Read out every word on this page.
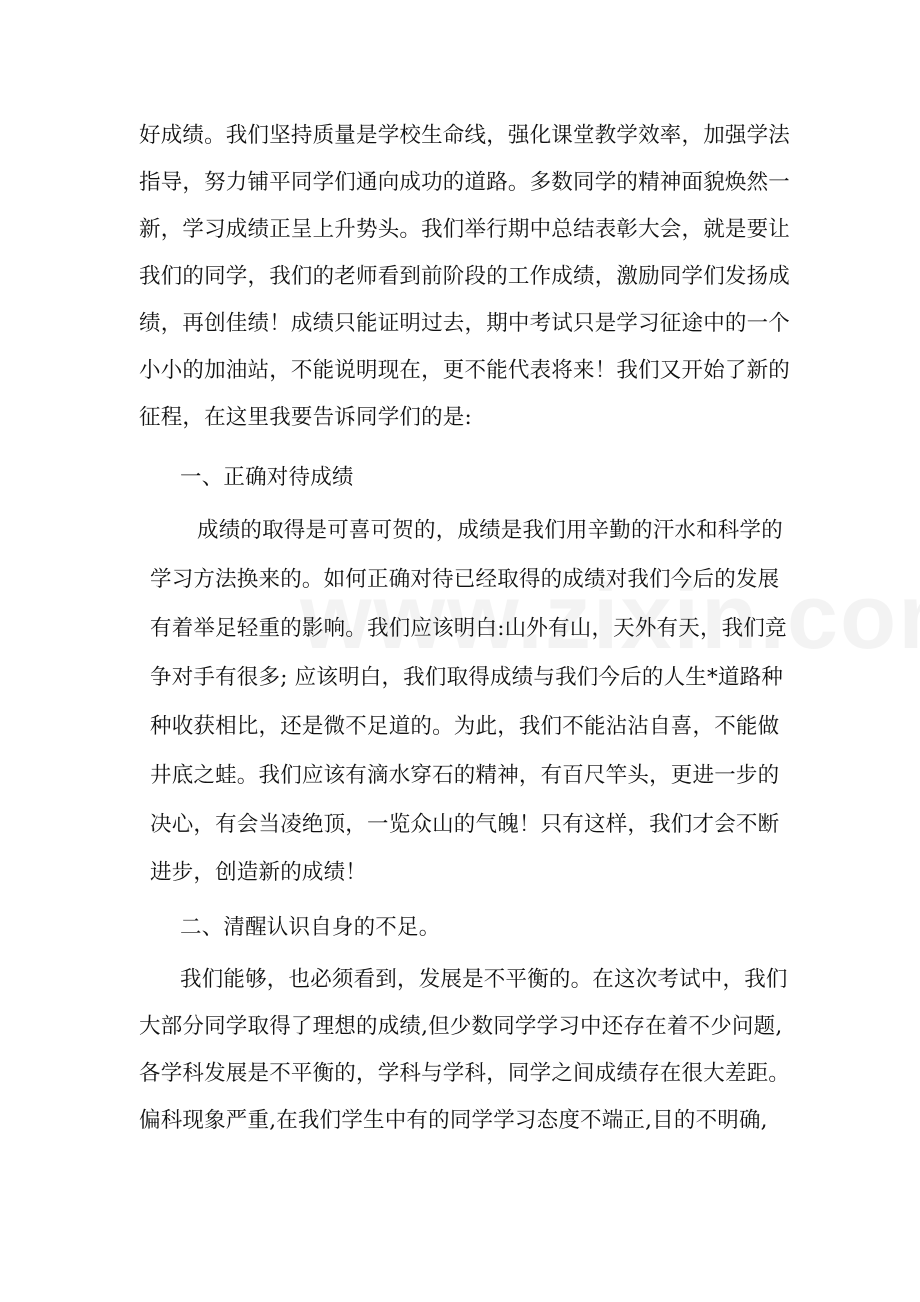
好成绩。我们坚持质量是学校生命线，强化课堂教学效率，加强学法
指导，努力铺平同学们通向成功的道路。多数同学的精神面貌焕然一
新，学习成绩正呈上升势头。我们举行期中总结表彰大会，就是要让
我们的同学，我们的老师看到前阶段的工作成绩，激励同学们发扬成
绩，再创佳绩！成绩只能证明过去，期中考试只是学习征途中的一个
小小的加油站，不能说明现在，更不能代表将来！我们又开始了新的
征程，在这里我要告诉同学们的是:
一、正确对待成绩
成绩的取得是可喜可贺的，成绩是我们用辛勤的汗水和科学的
学习方法换来的。如何正确对待已经取得的成绩对我们今后的发展
有着举足轻重的影响。我们应该明白:山外有山，天外有天，我们竞
争对手有很多; 应该明白，我们取得成绩与我们今后的人生*道路种
种收获相比，还是微不足道的。为此，我们不能沾沾自喜，不能做
井底之蛙。我们应该有滴水穿石的精神，有百尺竿头，更进一步的
决心，有会当凌绝顶，一览众山的气魄！只有这样，我们才会不断
进步，创造新的成绩！
二、清醒认识自身的不足。
我们能够，也必须看到，发展是不平衡的。在这次考试中，我们
大部分同学取得了理想的成绩,但少数同学学习中还存在着不少问题,
各学科发展是不平衡的，学科与学科，同学之间成绩存在很大差距。
偏科现象严重,在我们学生中有的同学学习态度不端正,目的不明确,
